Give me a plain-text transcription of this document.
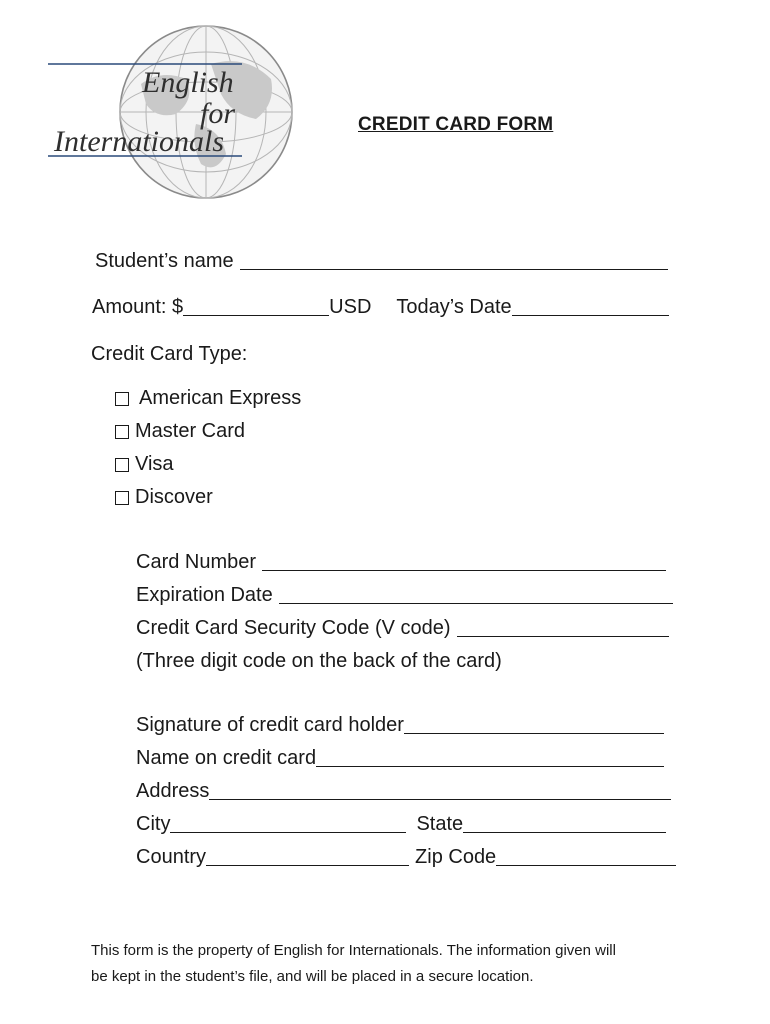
English
for
Internationals
CREDIT CARD FORM
Student’s name
Amount: $	USD Today’s Date
Credit Card Type:
American Express
Master Card
Visa
Discover
Card Number
Expiration Date
Credit Card Security Code (V code)
(Three digit code on the back of the card)
Signature of credit card holder
Name on credit card
Address
City	State
Country	Zip Code
This form is the property of English for Internationals. The information given will
be kept in the student’s file, and will be placed in a secure location.
